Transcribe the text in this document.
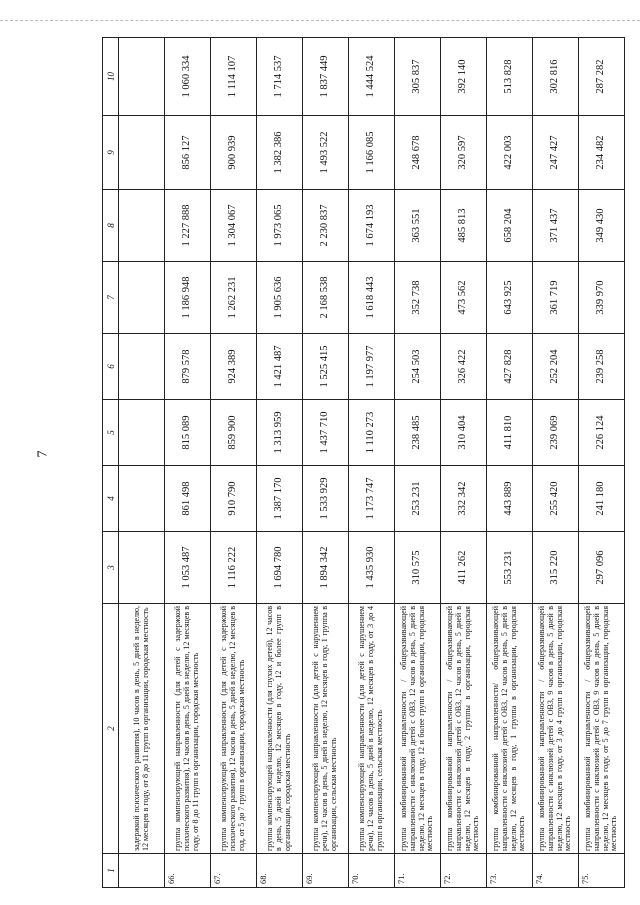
7
1	2	3	4	5	6	7	8	9	10
	задержкой психического развития), 10 часов в день, 5 дней в неделю, 12 месяцев в году, от 8 до 11 групп в организации, городская местность								
66.	группа компенсирующей направленности (для детей с задержкой психического развития), 12 часов в день, 5 дней в неделю, 12 месяцев в году, от 8 до 11 групп в организации, городская местность	1 053 487	861 498	815 089	879 578	1 186 948	1 227 888	856 127	1 060 334
67.	группа компенсирующей направленности (для детей с задержкой психического развития), 12 часов в день, 5 дней в неделю, 12 месяцев в год, от 5 до 7 групп в организации, городская местность	1 116 222	910 790	859 900	924 389	1 262 231	1 304 067	900 939	1 114 107
68.	группа компенсирующей направленности (для глухих детей), 12 часов в день, 5 дней в неделю, 12 месяцев в году, 12 и более групп в организации, городская местность	1 694 780	1 387 170	1 313 959	1 421 487	1 905 636	1 973 065	1 382 386	1 714 537
69.	группа компенсирующей направленности (для детей с нарушением речи), 12 часов в день, 5 дней в неделю, 12 месяцев в году, 1 группа в организации, сельская местность	1 894 342	1 533 929	1 437 710	1 525 415	2 168 538	2 230 837	1 493 522	1 837 449
70.	группа компенсирующей направленности (для детей с нарушением речи), 12 часов в день, 5 дней в неделю, 12 месяцев в году, от 3 до 4 групп в организации, сельская местность	1 435 930	1 173 747	1 110 273	1 197 977	1 618 443	1 674 193	1 166 085	1 444 524
71.	группа комбинированной направленности / общеразвивающей направленности с инклюзией детей с ОВЗ, 12 часов в день, 5 дней в неделю, 12 месяцев в году, 12 и более групп в организации, городская местность	310 575	253 231	238 485	254 503	352 738	363 551	248 678	305 837
72.	группа комбинированной направленности / общеразвивающей направленности с инклюзией детей с ОВЗ, 12 часов в день, 5 дней в неделю, 12 месяцев в году, 2 группы в организации, городская местность	411 262	332 342	310 404	326 422	473 562	485 813	320 597	392 140
73.	группа комбинированной направленности/ общеразвивающей направленности с инклюзией детей с ОВЗ, 12 часов в день, 5 дней в неделю, 12 месяцев в году, 1 группа в организации, городская местность	553 231	443 889	411 810	427 828	643 925	658 204	422 003	513 828
74.	группа комбинированной направленности / общеразвивающей направленности с инклюзией детей с ОВЗ, 9 часов в день, 5 дней в неделю, 12 месяцев в году, от 3 до 4 групп в организации, городская местность	315 220	255 420	239 069	252 204	361 719	371 437	247 427	302 816
75.	группа комбинированной направленности / общеразвивающей направленности с инклюзией детей с ОВЗ, 9 часов в день, 5 дней в неделю, 12 месяцев в году, от 5 до 7 групп в организации, городская местность	297 096	241 180	226 124	239 258	339 970	349 430	234 482	287 282
